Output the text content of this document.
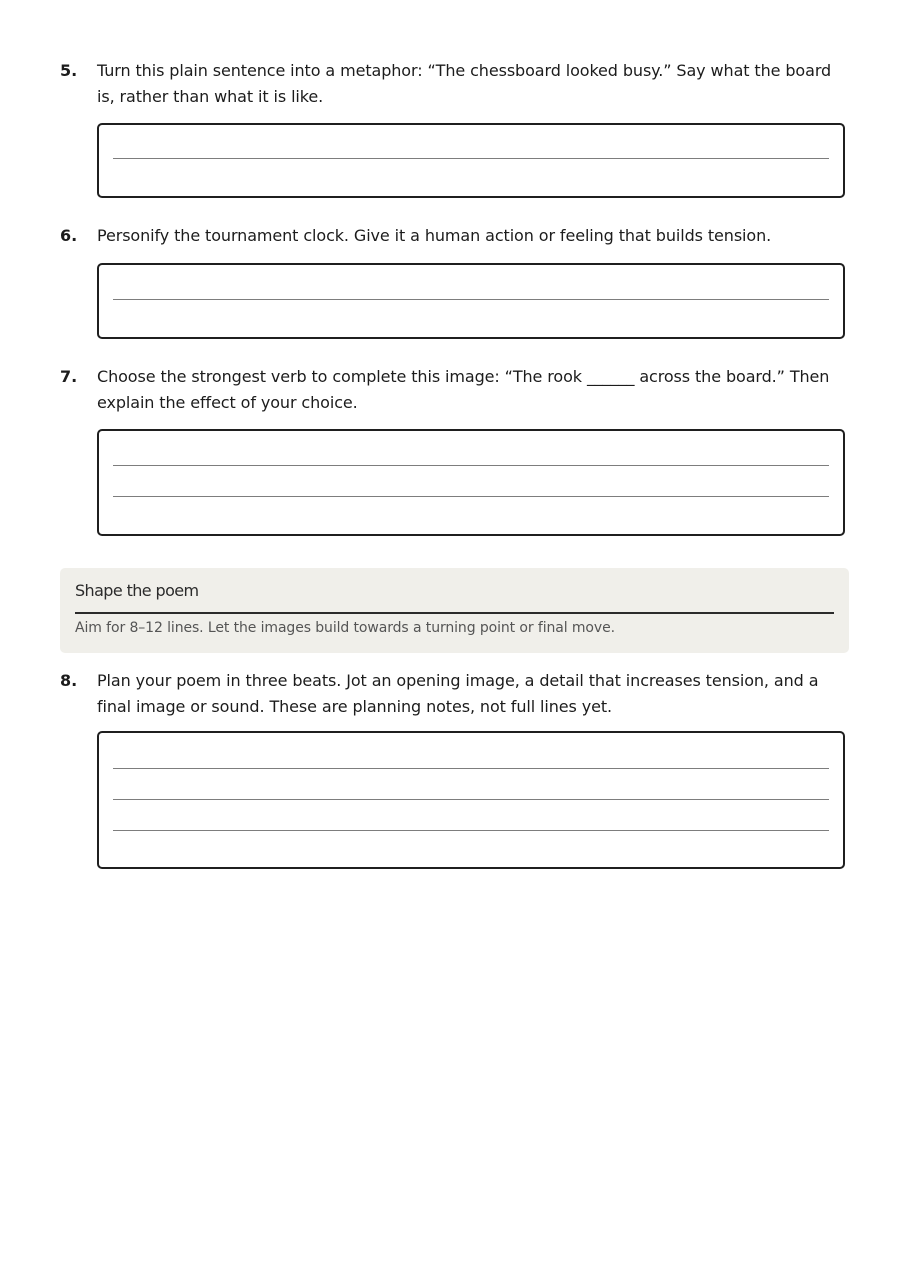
5. Turn this plain sentence into a metaphor: “The chessboard looked busy.” Say what the board is, rather than what it is like.
6. Personify the tournament clock. Give it a human action or feeling that builds tension.
7. Choose the strongest verb to complete this image: “The rook ______ across the board.” Then explain the effect of your choice.
Shape the poem
Aim for 8–12 lines. Let the images build towards a turning point or final move.
8. Plan your poem in three beats. Jot an opening image, a detail that increases tension, and a final image or sound. These are planning notes, not full lines yet.
